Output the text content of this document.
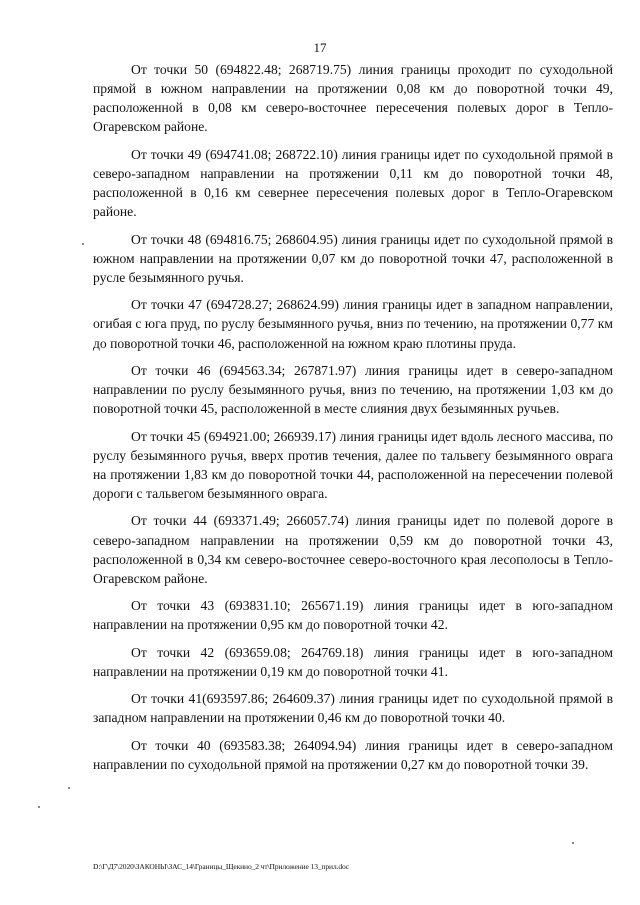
17

От точки 50 (694822.48; 268719.75) линия границы проходит по суходольной прямой в южном направлении на протяжении 0,08 км до поворотной точки 49, расположенной в 0,08 км северо-восточнее пересечения полевых дорог в Тепло-Огаревском районе.

От точки 49 (694741.08; 268722.10) линия границы идет по суходольной прямой в северо-западном направлении на протяжении 0,11 км до поворотной точки 48, расположенной в 0,16 км севернее пересечения полевых дорог в Тепло-Огаревском районе.

От точки 48 (694816.75; 268604.95) линия границы идет по суходольной прямой в южном направлении на протяжении 0,07 км до поворотной точки 47, расположенной в русле безымянного ручья.

От точки 47 (694728.27; 268624.99) линия границы идет в западном направлении, огибая с юга пруд, по руслу безымянного ручья, вниз по течению, на протяжении 0,77 км до поворотной точки 46, расположенной на южном краю плотины пруда.

От точки 46 (694563.34; 267871.97) линия границы идет в северо-западном направлении по руслу безымянного ручья, вниз по течению, на протяжении 1,03 км до поворотной точки 45, расположенной в месте слияния двух безымянных ручьев.

От точки 45 (694921.00; 266939.17) линия границы идет вдоль лесного массива, по руслу безымянного ручья, вверх против течения, далее по тальвегу безымянного оврага на протяжении 1,83 км до поворотной точки 44, расположенной на пересечении полевой дороги с тальвегом безымянного оврага.

От точки 44 (693371.49; 266057.74) линия границы идет по полевой дороге в северо-западном направлении на протяжении 0,59 км до поворотной точки 43, расположенной в 0,34 км северо-восточнее северо-восточного края лесополосы в Тепло-Огаревском районе.

От точки 43 (693831.10; 265671.19) линия границы идет в юго-западном направлении на протяжении 0,95 км до поворотной точки 42.

От точки 42 (693659.08; 264769.18) линия границы идет в юго-западном направлении на протяжении 0,19 км до поворотной точки 41.

От точки 41(693597.86; 264609.37) линия границы идет по суходольной прямой в западном направлении на протяжении 0,46 км до поворотной точки 40.

От точки 40 (693583.38; 264094.94) линия границы идет в северо-западном направлении по суходольной прямой на протяжении 0,27 км до поворотной точки 39.

D:\Г\Д7\2020\ЗАКОНЫ\ЗАС_14\Границы_Щекино_2 чт\Приложение 13_прил.doc
